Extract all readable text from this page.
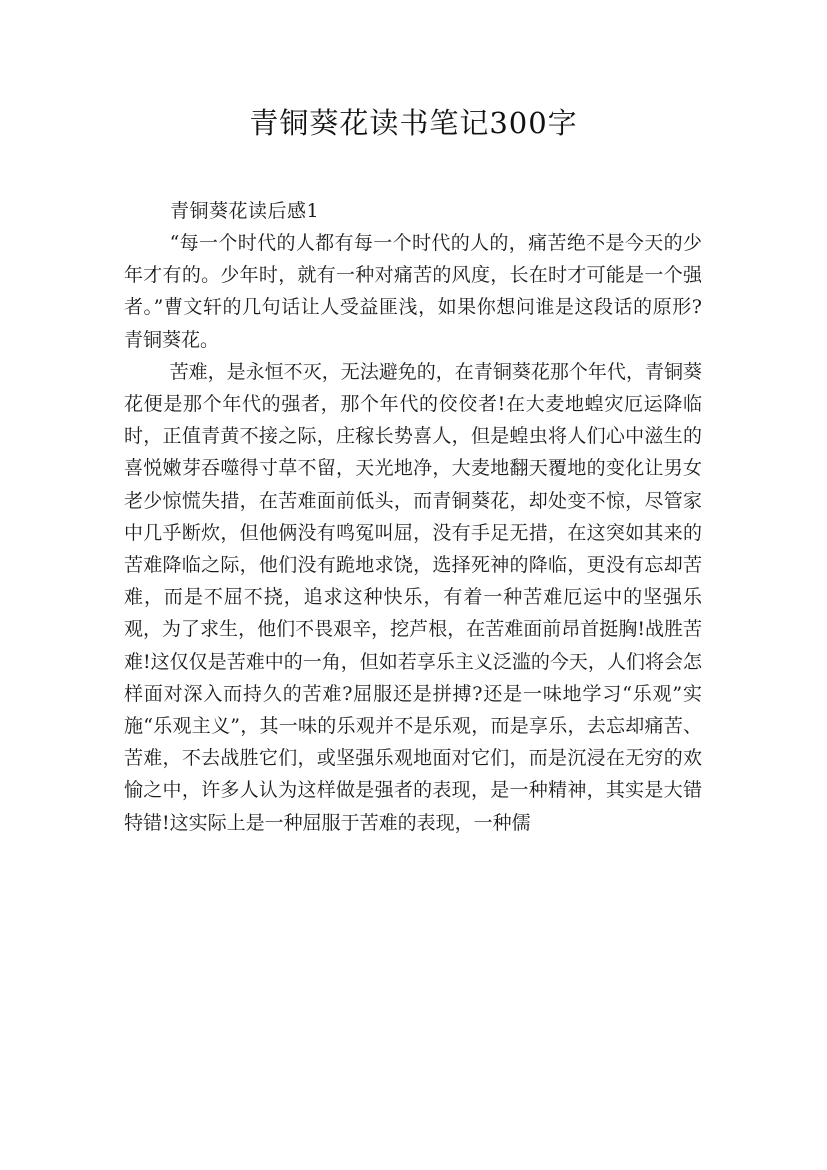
青铜葵花读书笔记300字

青铜葵花读后感1

“每一个时代的人都有每一个时代的人的，痛苦绝不是今天的少年才有的。少年时，就有一种对痛苦的风度，长在时才可能是一个强者。”曹文轩的几句话让人受益匪浅，如果你想问谁是这段话的原形?青铜葵花。

苦难，是永恒不灭，无法避免的，在青铜葵花那个年代，青铜葵花便是那个年代的强者，那个年代的佼佼者!在大麦地蝗灾厄运降临时，正值青黄不接之际，庄稼长势喜人，但是蝗虫将人们心中滋生的喜悦嫩芽吞噬得寸草不留，天光地净，大麦地翻天覆地的变化让男女老少惊慌失措，在苦难面前低头，而青铜葵花，却处变不惊，尽管家中几乎断炊，但他俩没有鸣冤叫屈，没有手足无措，在这突如其来的苦难降临之际，他们没有跪地求饶，选择死神的降临，更没有忘却苦难，而是不屈不挠，追求这种快乐，有着一种苦难厄运中的坚强乐观，为了求生，他们不畏艰辛，挖芦根，在苦难面前昂首挺胸!战胜苦难!这仅仅是苦难中的一角，但如若享乐主义泛滥的今天，人们将会怎样面对深入而持久的苦难?屈服还是拼搏?还是一味地学习“乐观”实施“乐观主义”，其一味的乐观并不是乐观，而是享乐，去忘却痛苦、苦难，不去战胜它们，或坚强乐观地面对它们，而是沉浸在无穷的欢愉之中，许多人认为这样做是强者的表现，是一种精神，其实是大错特错!这实际上是一种屈服于苦难的表现，一种儒
